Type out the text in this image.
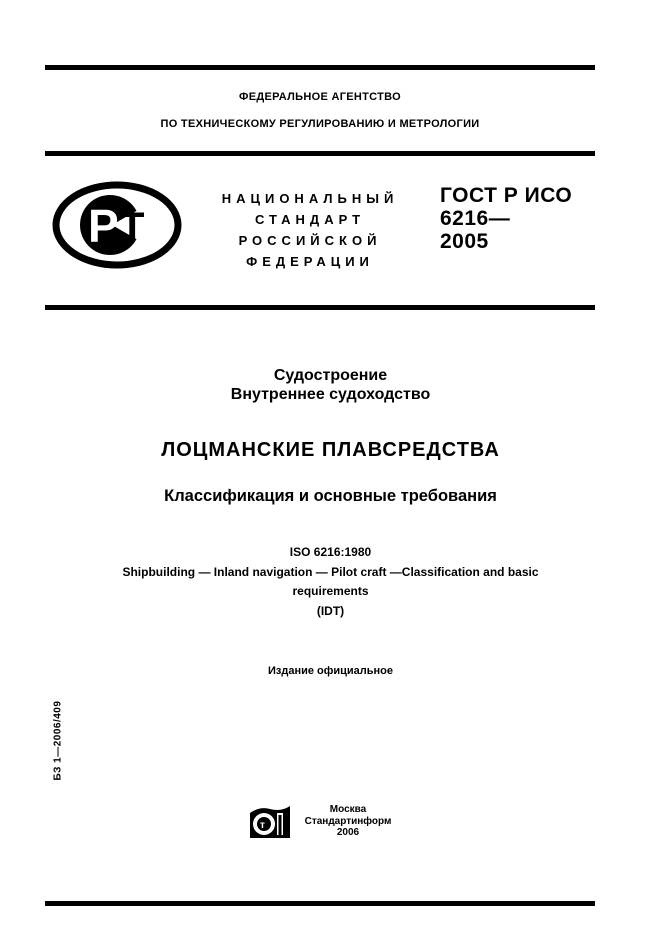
ФЕДЕРАЛЬНОЕ АГЕНТСТВО
ПО ТЕХНИЧЕСКОМУ РЕГУЛИРОВАНИЮ И МЕТРОЛОГИИ
Р Т
НАЦИОНАЛЬНЫЙ
СТАНДАРТ
РОССИЙСКОЙ
ФЕДЕРАЦИИ
ГОСТ Р ИСО
6216—
2005
Судостроение
Внутреннее судоходство
ЛОЦМАНСКИЕ ПЛАВСРЕДСТВА
Классификация и основные требования
ISO 6216:1980
Shipbuilding — Inland navigation — Pilot craft —Classification and basic
requirements
(IDT)
Издание официальное
БЗ 1—2006/409
т
Москва
Стандартинформ
2006
